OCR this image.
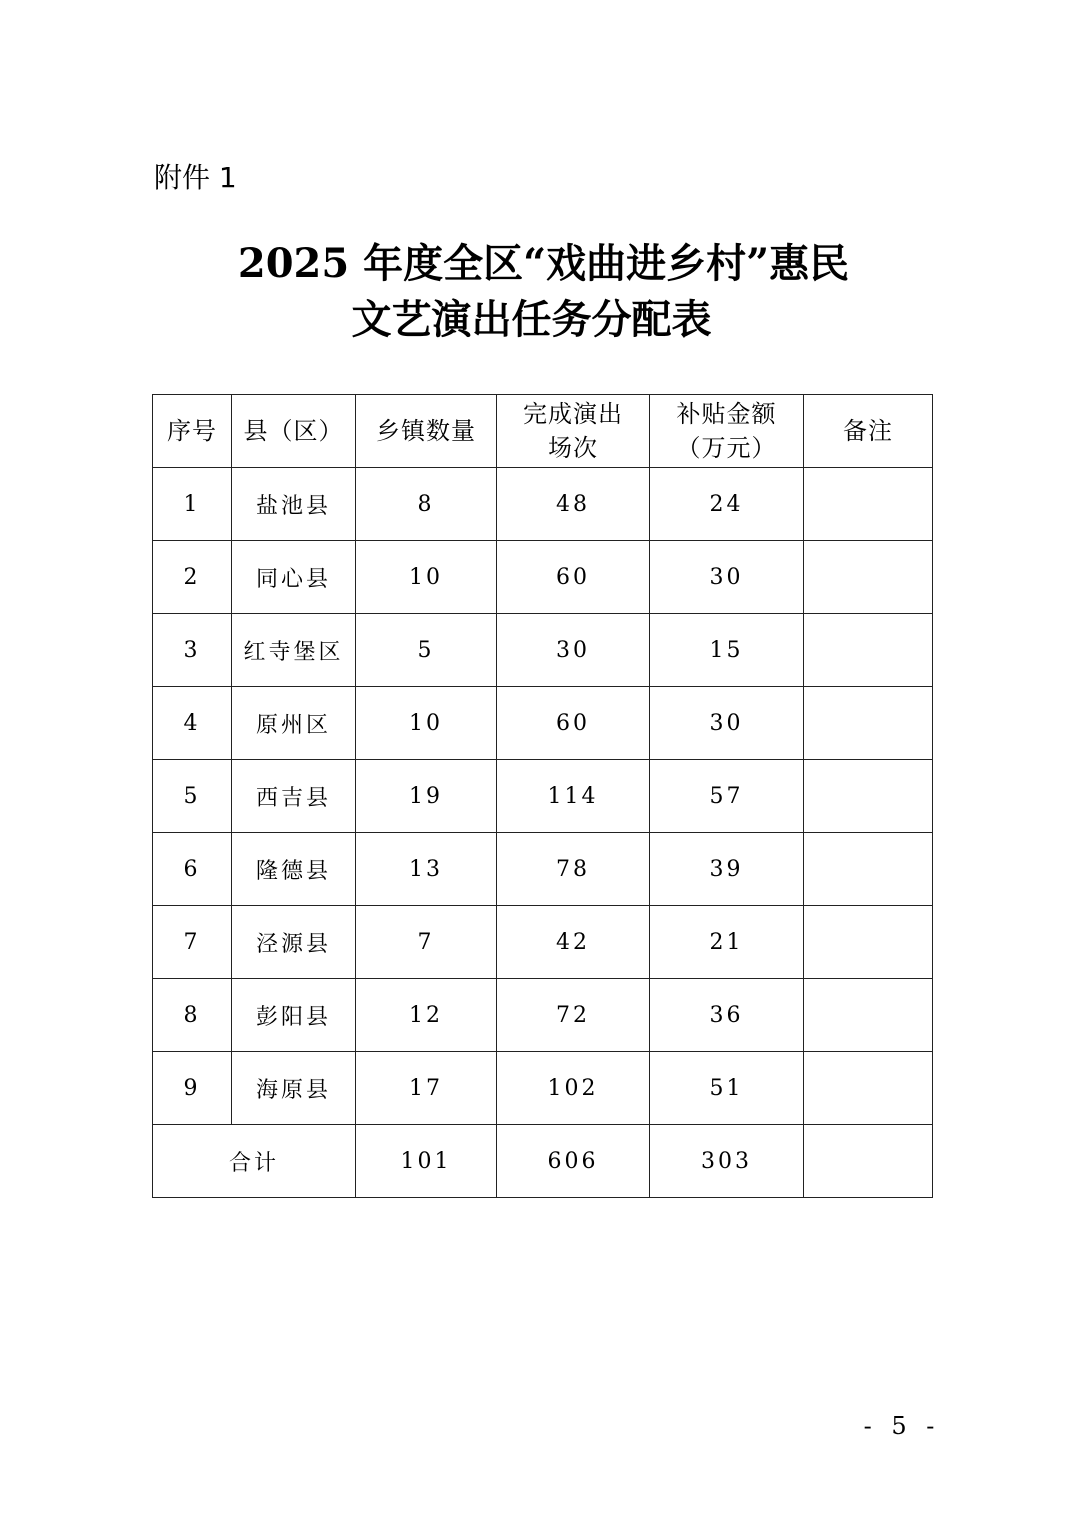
附件 1
2025 年度全区“戏曲进乡村”惠民
文艺演出任务分配表
序号	县（区）	乡镇数量	完成演出场次	补贴金额（万元）	备注
1	盐池县	8	48	24	
2	同心县	10	60	30	
3	红寺堡区	5	30	15	
4	原州区	10	60	30	
5	西吉县	19	114	57	
6	隆德县	13	78	39	
7	泾源县	7	42	21	
8	彭阳县	12	72	36	
9	海原县	17	102	51	
合计		101	606	303	
- 5 -
